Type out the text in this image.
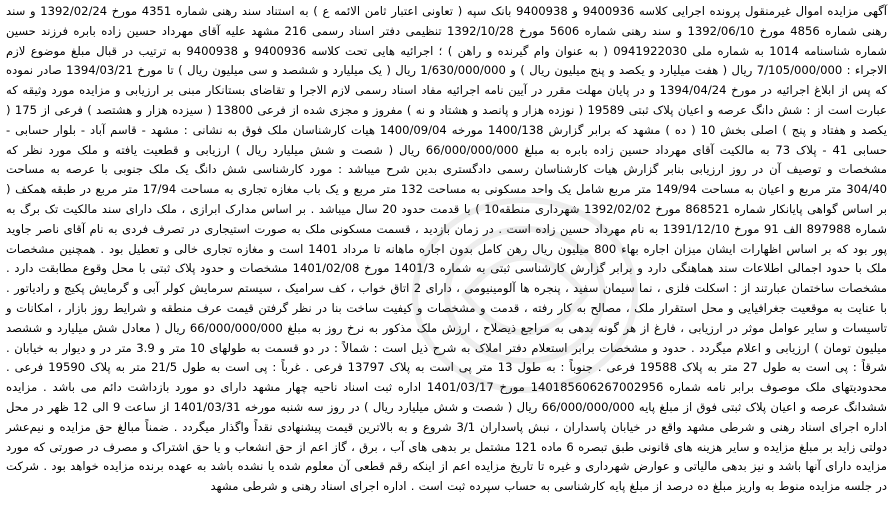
آگهی مزایده اموال غیرمنقول پرونده اجرایی کلاسه 9400936 و 9400938 بانک سپه ( تعاونی اعتبار ثامن الائمه ع ) به استناد سند رهنی شماره 4351 مورخ 1392/02/24 و سند رهنی شماره 4856 مورخ 1392/06/10 و سند رهنی شماره 5606 مورخ 1392/10/28 تنظیمی دفتر اسناد رسمی 216 مشهد علیه آقای مهرداد حسین زاده بابره فرزند حسین شماره شناسنامه 1014 به شماره ملی 0941922030 ( به عنوان وام گیرنده و راهن ) ؛ اجرائیه هایی تحت کلاسه 9400936 و 9400938 به ترتیب در قبال مبلغ موضوع لازم الاجراء : 7/105/000/000 ریال ( هفت میلیارد و یکصد و پنج میلیون ریال ) و 1/630/000/000 ریال ( یک میلیارد و ششصد و سی میلیون ریال ) تا مورخ 1394/03/21 صادر نموده که پس از ابلاغ اجرائیه در مورخ 1394/04/24 و در پایان مهلت مقرر در آیین نامه اجرائیه مفاد اسناد رسمی لازم الاجرا و تقاضای بستانکار مبنی بر ارزیابی و مزایده مورد وثیقه که عبارت است از : شش دانگ عرصه و اعیان پلاک ثبتی 19589 ( نوزده هزار و پانصد و هشتاد و نه ) مفروز و مجزی شده از فرعی 13800 ( سیزده هزار و هشتصد ) فرعی از 175 ( یکصد و هفتاد و پنج ) اصلی بخش 10 ( ده ) مشهد که برابر گزارش 1400/138 مورخه 1400/09/04 هیات کارشناسان ملک فوق به نشانی : مشهد - قاسم آباد - بلوار حسابی - حسابی 41 - پلاک 73 به مالکیت آقای مهرداد حسین زاده بابره به مبلغ 66/000/000/000 ریال ( شصت و شش میلیارد ریال ) ارزیابی و قطعیت یافته و ملک مورد نظر که مشخصات و توصیف آن در روز ارزیابی بنابر گزارش هیات کارشناسان رسمی دادگستری بدین شرح میباشد : مورد کارشناسی شش دانگ یک ملک جنوبی با عرصه به مساحت 304/40 متر مربع و اعیان به مساحت 149/94 متر مربع شامل یک واحد مسکونی به مساحت 132 متر مربع و یک باب مغازه تجاری به مساحت 17/94 متر مربع در طبقه همکف ( بر اساس گواهی پایانکار شماره 868521 مورخ 1392/02/02 شهرداری منطقه10 ) با قدمت حدود 20 سال میباشد . بر اساس مدارک ابرازی ، ملک دارای سند مالکیت تک برگ به شماره 897988 الف 91 مورخ 1391/12/10 به نام مهرداد حسین زاده است . در زمان بازدید ، قسمت مسکونی ملک به صورت استیجاری در تصرف فردی به نام آقای ناصر جاوید پور بود که بر اساس اظهارات ایشان میزان اجاره بهاء 800 میلیون ریال رهن کامل بدون اجاره ماهانه تا مرداد 1401 است و مغازه تجاری خالی و تعطیل بود . همچنین مشخصات ملک با حدود اجمالی اطلاعات سند هماهنگی دارد و برابر گزارش کارشناسی ثبتی به شماره 1401/3 مورخ 1401/02/08 مشخصات و حدود پلاک ثبتی با محل وقوع مطابقت دارد . مشخصات ساختمان عبارتند از : اسکلت فلزی ، نما سیمان سفید ، پنجره ها آلومینیومی ، دارای 2 اتاق خواب ، کف سرامیک ، سیستم سرمایش کولر آبی و گرمایش پکیج و رادیاتور . با عنایت به موقعیت جغرافیایی و محل استقرار ملک ، مصالح به کار رفته ، قدمت و مشخصات و کیفیت ساخت بنا در نظر گرفتن قیمت عرف منطقه و شرایط روز بازار ، امکانات و تاسیسات و سایر عوامل موثر در ارزیابی ، فارغ از هر گونه بدهی به مراجع ذیصلاح ، ارزش ملک مذکور به نرخ روز به مبلغ 66/000/000/000 ریال ( معادل شش میلیارد و ششصد میلیون تومان ) ارزیابی و اعلام میگردد . حدود و مشخصات برابر استعلام دفتر املاک به شرح ذیل است : شمالاً : در دو قسمت به طولهای 10 متر و 3.9 متر در و دیوار به خیابان . شرقاً : پی است به طول 27 متر به پلاک 19588 فرعی . جنوباً : به طول 13 متر پی است به پلاک 13797 فرعی . غرباً : پی است به طول 21/5 متر به پلاک 19590 فرعی . محدودیتهای ملک موصوف برابر نامه شماره 140185606267002956 مورخ 1401/03/17 اداره ثبت اسناد ناحیه چهار مشهد دارای دو مورد بازداشت دائم می باشد . مزایده ششدانگ عرصه و اعیان پلاک ثبتی فوق از مبلغ پایه 66/000/000/000 ریال ( شصت و شش میلیارد ریال ) در روز سه شنبه مورخه 1401/03/31 از ساعت 9 الی 12 ظهر در محل اداره اجرای اسناد رهنی و شرطی مشهد واقع در خیابان پاسداران ، نبش پاسداران 3/1 شروع و به بالاترین قیمت پیشنهادی نقداً واگذار میگردد . ضمناً مبالغ حق مزایده و نیم‌عشر دولتی زاید بر مبلغ مزایده و سایر هزینه های قانونی طبق تبصره 6 ماده 121 مشتمل بر بدهی های آب ، برق ، گاز اعم از حق انشعاب و یا حق اشتراک و مصرف در صورتی که مورد مزایده دارای آنها باشد و نیز بدهی مالیاتی و عوارض شهرداری و غیره تا تاریخ مزایده اعم از اینکه رقم قطعی آن معلوم شده یا نشده باشد به عهده برنده مزایده خواهد بود . شرکت در جلسه مزایده منوط به واریز مبلغ ده درصد از مبلغ پایه کارشناسی به حساب سپرده ثبت است . اداره اجرای اسناد رهنی و شرطی مشهد
